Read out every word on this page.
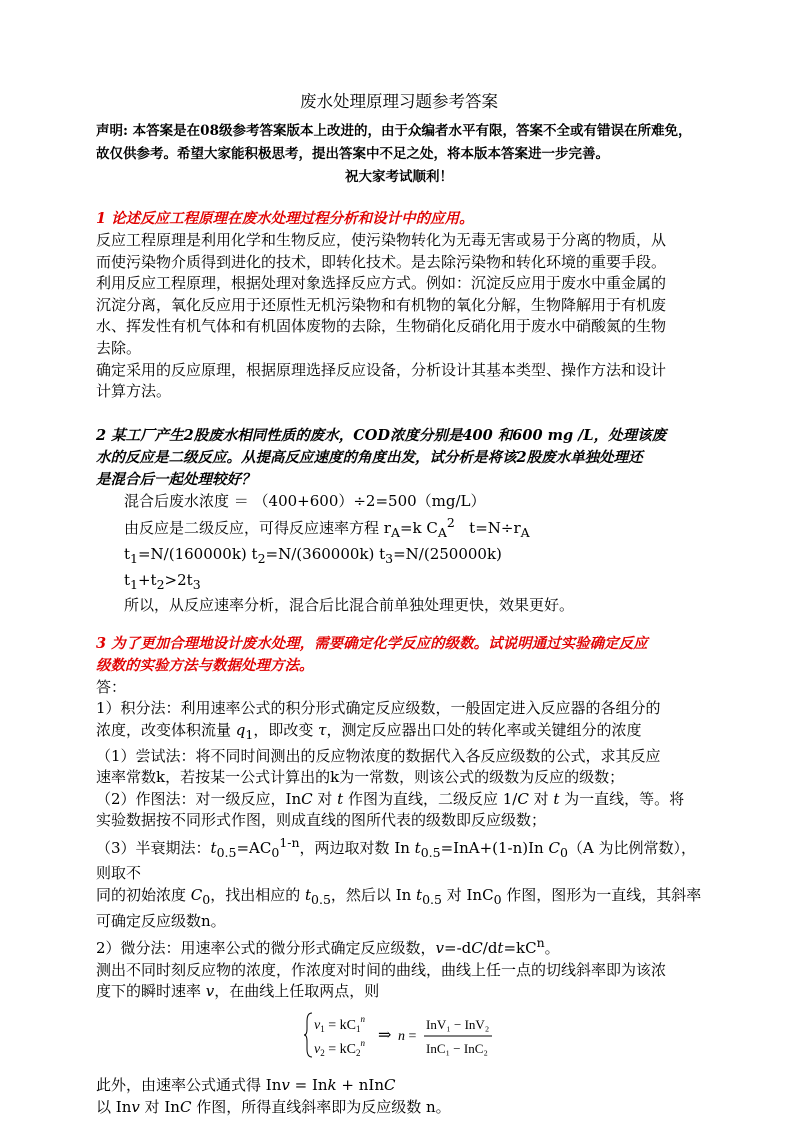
废水处理原理习题参考答案

声明: 本答案是在08级参考答案版本上改进的，由于众编者水平有限，答案不全或有错误在所难免，故仅供参考。希望大家能积极思考，提出答案中不足之处，将本版本答案进一步完善。

祝大家考试顺利！

1 论述反应工程原理在废水处理过程分析和设计中的应用。

反应工程原理是利用化学和生物反应，使污染物转化为无毒无害或易于分离的物质，从

而使污染物介质得到进化的技术，即转化技术。是去除污染物和转化环境的重要手段。

利用反应工程原理，根据处理对象选择反应方式。例如：沉淀反应用于废水中重金属的

沉淀分离，氧化反应用于还原性无机污染物和有机物的氧化分解，生物降解用于有机废

水、挥发性有机气体和有机固体废物的去除，生物硝化反硝化用于废水中硝酸氮的生物

去除。

确定采用的反应原理，根据原理选择反应设备，分析设计其基本类型、操作方法和设计

计算方法。

2 某工厂产生2股废水相同性质的废水，COD浓度分别是400 和600 mg /L，处理该废

水的反应是二级反应。从提高反应速度的角度出发，试分析是将该2股废水单独处理还

是混合后一起处理较好？

混合后废水浓度 ＝ （400+600）÷2=500（mg/L）

由反应是二级反应，可得反应速率方程 $r_A=k$ $C_A^2$   $t=N\div r_A$

$t_1=N/(160000k)$ $t_2=N/(360000k)$ $t_3=N/(250000k)$

$t_1+t_2>2t_3$

所以，从反应速率分析，混合后比混合前单独处理更快，效果更好。

3 为了更加合理地设计废水处理，需要确定化学反应的级数。试说明通过实验确定反应

级数的实验方法与数据处理方法。

答：

1）积分法：利用速率公式的积分形式确定反应级数，一般固定进入反应器的各组分的

浓度，改变体积流量 $q_1$，即改变 τ，测定反应器出口处的转化率或关键组分的浓度

（1）尝试法：将不同时间测出的反应物浓度的数据代入各反应级数的公式，求其反应

速率常数k，若按某一公式计算出的k为一常数，则该公式的级数为反应的级数；

（2）作图法：对一级反应，InC 对 t 作图为直线，二级反应 1/C 对 t 为一直线，等。将

实验数据按不同形式作图，则成直线的图所代表的级数即反应级数；

（3）半衰期法：$t_{0.5}=AC_0^{1-n}$，两边取对数 In $t_{0.5}=InA+(1-n)In$ $C_0(A$ 为比例常数），则取不

同的初始浓度 $C_0$，找出相应的 $t_{0.5}$，然后以 In $t_{0.5}$ 对 InC$_0$ 作图，图形为一直线，其斜率

可确定反应级数n。

2）微分法：用速率公式的微分形式确定反应级数，$v=-dC/dt=kC^n$。

测出不同时刻反应物的浓度，作浓度对时间的曲线，曲线上任一点的切线斜率即为该浓

度下的瞬时速率 v，在曲线上任取两点，则

$v_1 = kC_1^n$
$v_2 = kC_2^n$ ⇒ n =
InV₁ − InV₂
InC₁ − InC₂

此外，由速率公式通式得 Inv = Ink + nInC

以 Inv 对 InC 作图，所得直线斜率即为反应级数 n。
